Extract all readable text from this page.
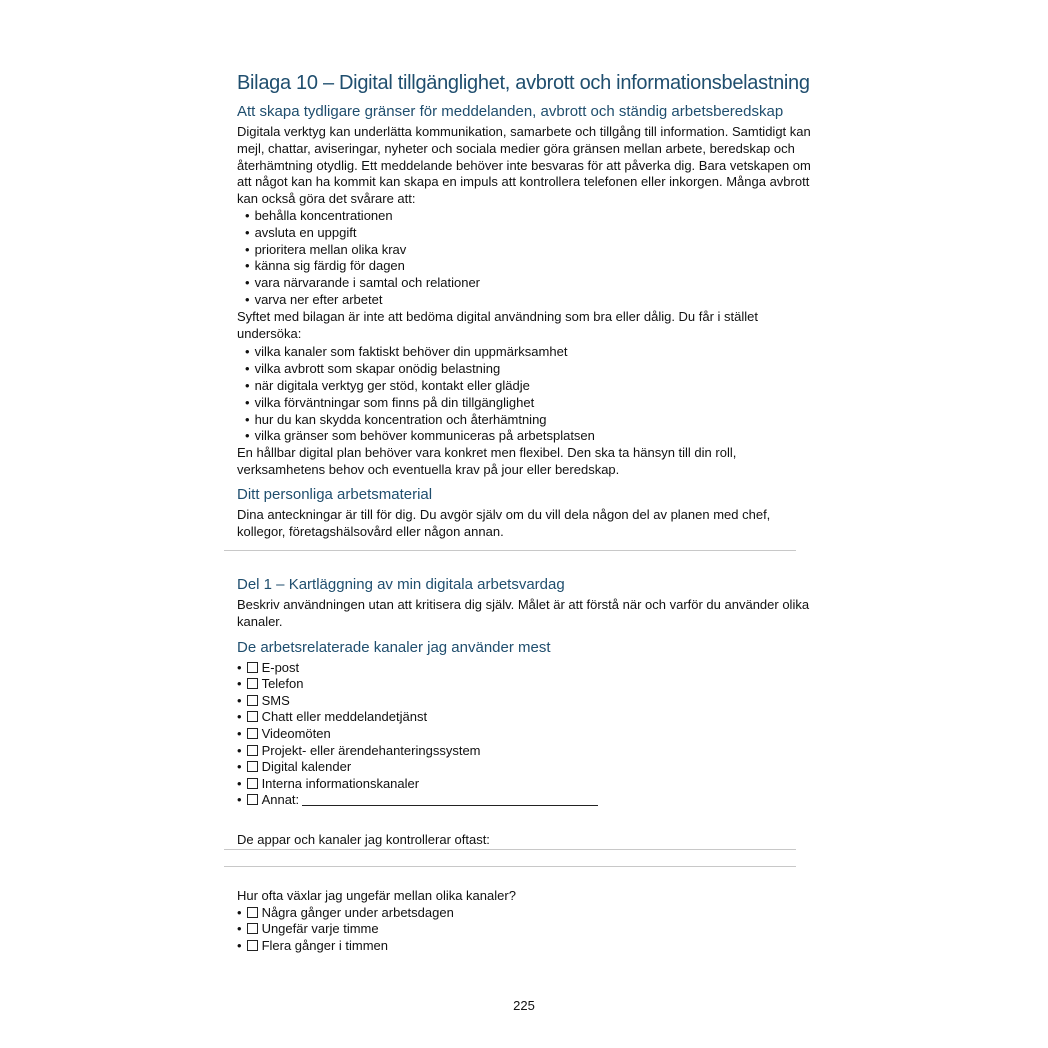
Bilaga 10 – Digital tillgänglighet, avbrott och informationsbelastning
Att skapa tydligare gränser för meddelanden, avbrott och ständig arbetsberedskap

Digitala verktyg kan underlätta kommunikation, samarbete och tillgång till information. Samtidigt kan mejl, chattar, aviseringar, nyheter och sociala medier göra gränsen mellan arbete, beredskap och återhämtning otydlig. Ett meddelande behöver inte besvaras för att påverka dig. Bara vetskapen om att något kan ha kommit kan skapa en impuls att kontrollera telefonen eller inkorgen. Många avbrott kan också göra det svårare att:

• behålla koncentrationen
• avsluta en uppgift
• prioritera mellan olika krav
• känna sig färdig för dagen
• vara närvarande i samtal och relationer
• varva ner efter arbetet

Syftet med bilagan är inte att bedöma digital användning som bra eller dålig. Du får i stället undersöka:

• vilka kanaler som faktiskt behöver din uppmärksamhet
• vilka avbrott som skapar onödig belastning
• när digitala verktyg ger stöd, kontakt eller glädje
• vilka förväntningar som finns på din tillgänglighet
• hur du kan skydda koncentration och återhämtning
• vilka gränser som behöver kommuniceras på arbetsplatsen

En hållbar digital plan behöver vara konkret men flexibel. Den ska ta hänsyn till din roll, verksamhetens behov och eventuella krav på jour eller beredskap.

Ditt personliga arbetsmaterial

Dina anteckningar är till för dig. Du avgör själv om du vill dela någon del av planen med chef, kollegor, företagshälsovård eller någon annan.

Del 1 – Kartläggning av min digitala arbetsvardag

Beskriv användningen utan att kritisera dig själv. Målet är att förstå när och varför du använder olika kanaler.

De arbetsrelaterade kanaler jag använder mest
• E-post
• Telefon
• SMS
• Chatt eller meddelandetjänst
• Videomöten
• Projekt- eller ärendehanteringssystem
• Digital kalender
• Interna informationskanaler
• Annat:

De appar och kanaler jag kontrollerar oftast:

Hur ofta växlar jag ungefär mellan olika kanaler?

• Några gånger under arbetsdagen
• Ungefär varje timme
• Flera gånger i timmen
225
